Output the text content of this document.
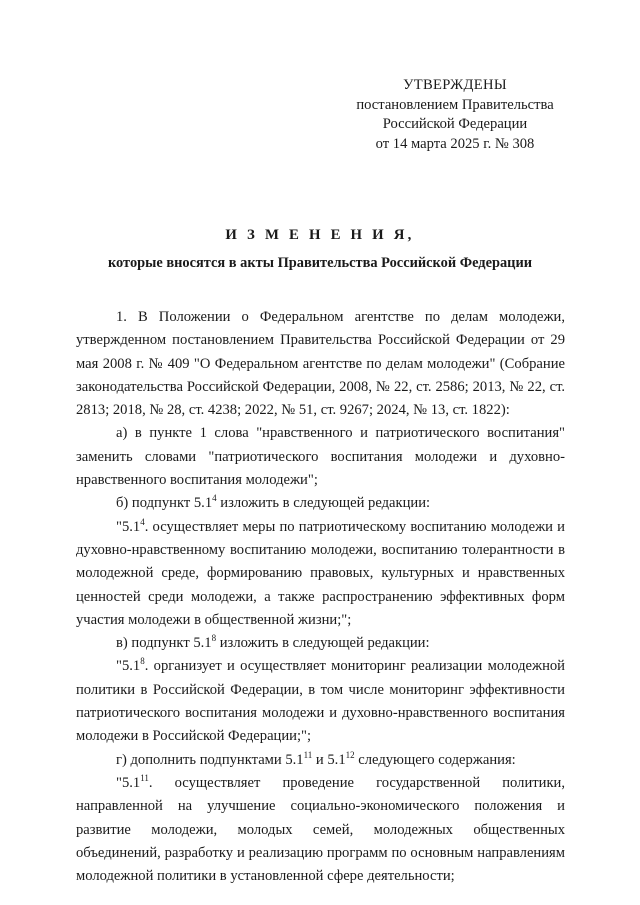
УТВЕРЖДЕНЫ
постановлением Правительства
Российской Федерации
от 14 марта 2025 г. № 308
И З М Е Н Е Н И Я,
которые вносятся в акты Правительства Российской Федерации

1. В Положении о Федеральном агентстве по делам молодежи, утвержденном постановлением Правительства Российской Федерации от 29 мая 2008 г. № 409 "О Федеральном агентстве по делам молодежи" (Собрание законодательства Российской Федерации, 2008, № 22, ст. 2586; 2013, № 22, ст. 2813; 2018, № 28, ст. 4238; 2022, № 51, ст. 9267; 2024, № 13, ст. 1822):

а) в пункте 1 слова "нравственного и патриотического воспитания" заменить словами "патриотического воспитания молодежи и духовно-нравственного воспитания молодежи";

б) подпункт $5.1^4$ изложить в следующей редакции:

"$5.1^4$. осуществляет меры по патриотическому воспитанию молодежи и духовно-нравственному воспитанию молодежи, воспитанию толерантности в молодежной среде, формированию правовых, культурных и нравственных ценностей среди молодежи, а также распространению эффективных форм участия молодежи в общественной жизни;";

в) подпункт $5.1^8$ изложить в следующей редакции:

"$5.1^8$. организует и осуществляет мониторинг реализации молодежной политики в Российской Федерации, в том числе мониторинг эффективности патриотического воспитания молодежи и духовно-нравственного воспитания молодежи в Российской Федерации;";

г) дополнить подпунктами $5.1^{11}$ и $5.1^{12}$ следующего содержания:

"$5.1^{11}$. осуществляет проведение государственной политики, направленной на улучшение социально-экономического положения и развитие молодежи, молодых семей, молодежных общественных объединений, разработку и реализацию программ по основным направлениям молодежной политики в установленной сфере деятельности;
